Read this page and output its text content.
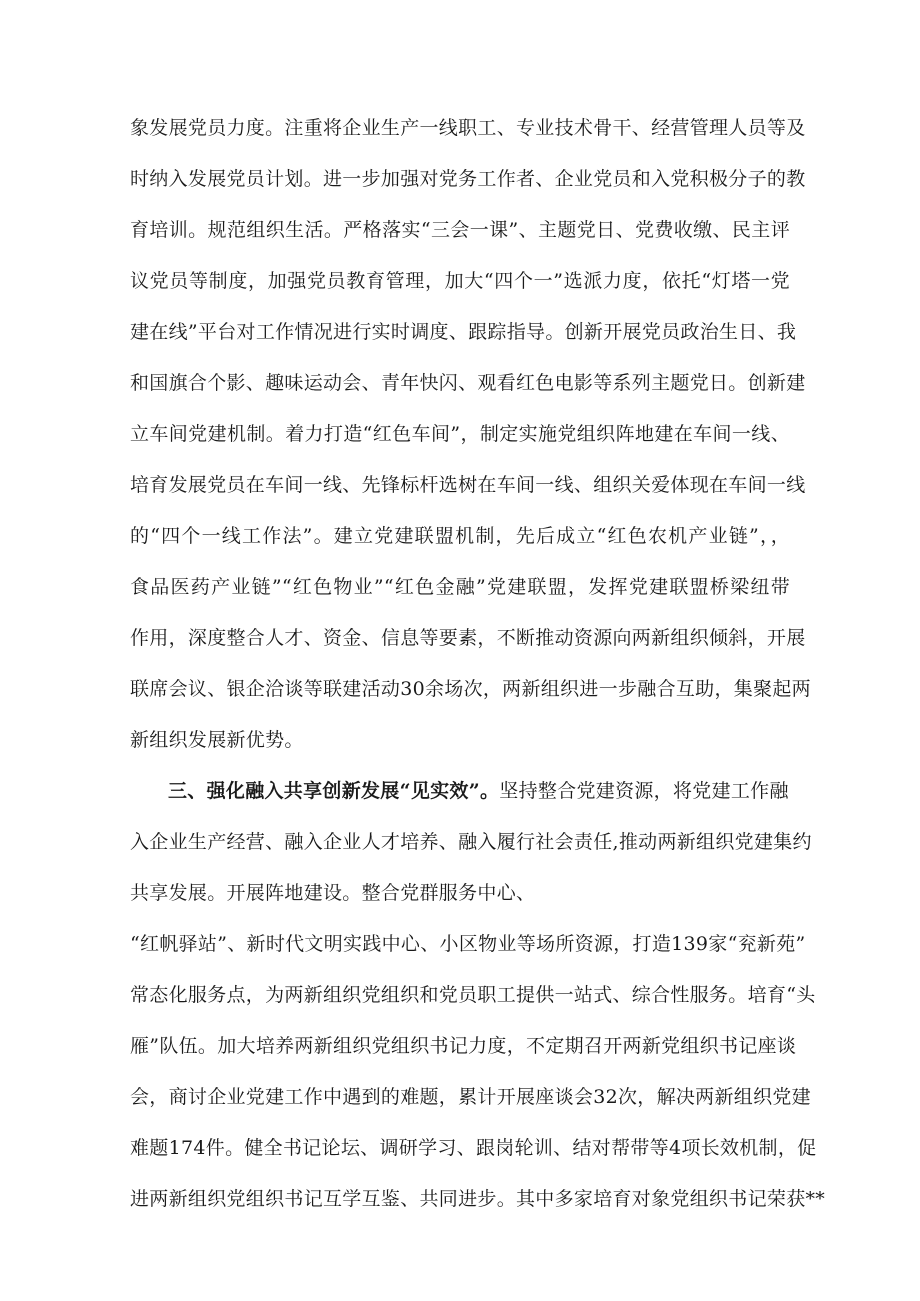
象发展党员力度。注重将企业生产一线职工、专业技术骨干、经营管理人员等及
时纳入发展党员计划。进一步加强对党务工作者、企业党员和入党积极分子的教
育培训。规范组织生活。严格落实“三会一课”、主题党日、党费收缴、民主评
议党员等制度，加强党员教育管理，加大“四个一”选派力度，依托“灯塔一党
建在线”平台对工作情况进行实时调度、跟踪指导。创新开展党员政治生日、我
和国旗合个影、趣味运动会、青年快闪、观看红色电影等系列主题党日。创新建
立车间党建机制。着力打造“红色车间”，制定实施党组织阵地建在车间一线、
培育发展党员在车间一线、先锋标杆选树在车间一线、组织关爱体现在车间一线
的“四个一线工作法”。建立党建联盟机制，先后成立“红色农机产业链”，，
食品医药产业链”“红色物业”“红色金融”党建联盟，发挥党建联盟桥梁纽带
作用，深度整合人才、资金、信息等要素，不断推动资源向两新组织倾斜，开展
联席会议、银企洽谈等联建活动30余场次，两新组织进一步融合互助，集聚起两
新组织发展新优势。
三、强化融入共享创新发展“见实效”。坚持整合党建资源，将党建工作融
入企业生产经营、融入企业人才培养、融入履行社会责任,推动两新组织党建集约
共享发展。开展阵地建设。整合党群服务中心、
“红帆驿站”、新时代文明实践中心、小区物业等场所资源，打造139家“兖新苑”
常态化服务点，为两新组织党组织和党员职工提供一站式、综合性服务。培育“头
雁”队伍。加大培养两新组织党组织书记力度，不定期召开两新党组织书记座谈
会，商讨企业党建工作中遇到的难题，累计开展座谈会32次，解决两新组织党建
难题174件。健全书记论坛、调研学习、跟岗轮训、结对帮带等4项长效机制，促
进两新组织党组织书记互学互鉴、共同进步。其中多家培育对象党组织书记荣获**
